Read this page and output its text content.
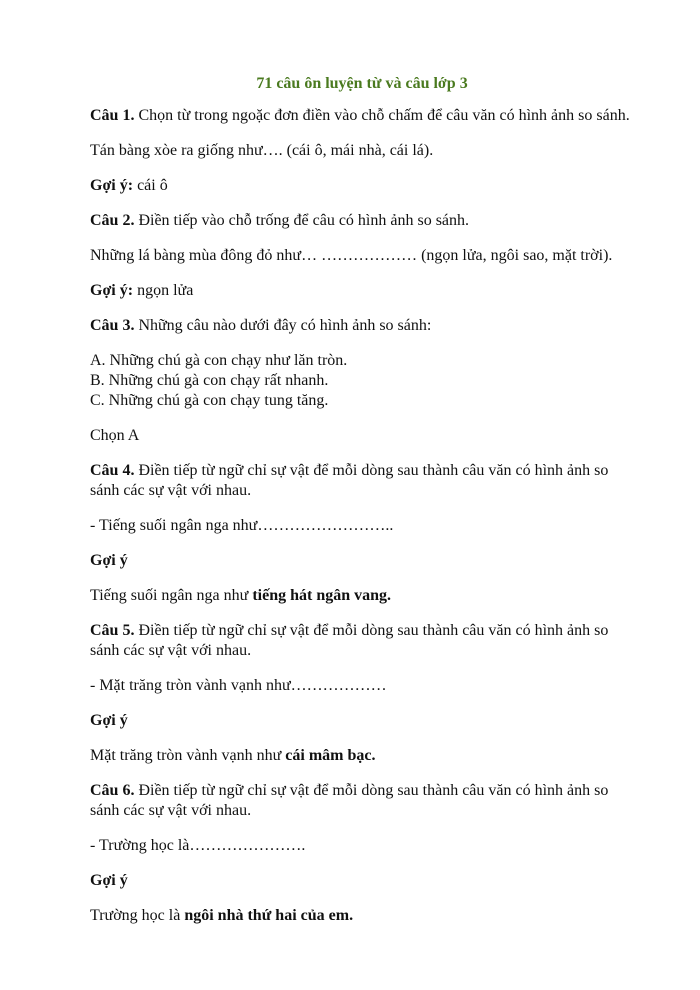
71 câu ôn luyện từ và câu lớp 3

Câu 1. Chọn từ trong ngoặc đơn điền vào chỗ chấm để câu văn có hình ảnh so sánh.

Tán bàng xòe ra giống như…. (cái ô, mái nhà, cái lá).

Gợi ý: cái ô

Câu 2. Điền tiếp vào chỗ trống để câu có hình ảnh so sánh.

Những lá bàng mùa đông đỏ như… ……………… (ngọn lửa, ngôi sao, mặt trời).

Gợi ý: ngọn lửa

Câu 3. Những câu nào dưới đây có hình ảnh so sánh:

A. Những chú gà con chạy như lăn tròn.

B. Những chú gà con chạy rất nhanh.

C. Những chú gà con chạy tung tăng.

Chọn A

Câu 4. Điền tiếp từ ngữ chỉ sự vật để mỗi dòng sau thành câu văn có hình ảnh so sánh các sự vật với nhau.

- Tiếng suối ngân nga như……………………..

Gợi ý

Tiếng suối ngân nga như tiếng hát ngân vang.

Câu 5. Điền tiếp từ ngữ chỉ sự vật để mỗi dòng sau thành câu văn có hình ảnh so sánh các sự vật với nhau.

- Mặt trăng tròn vành vạnh như………………

Gợi ý

Mặt trăng tròn vành vạnh như cái mâm bạc.

Câu 6. Điền tiếp từ ngữ chỉ sự vật để mỗi dòng sau thành câu văn có hình ảnh so sánh các sự vật với nhau.

- Trường học là………………….

Gợi ý

Trường học là ngôi nhà thứ hai của em.
